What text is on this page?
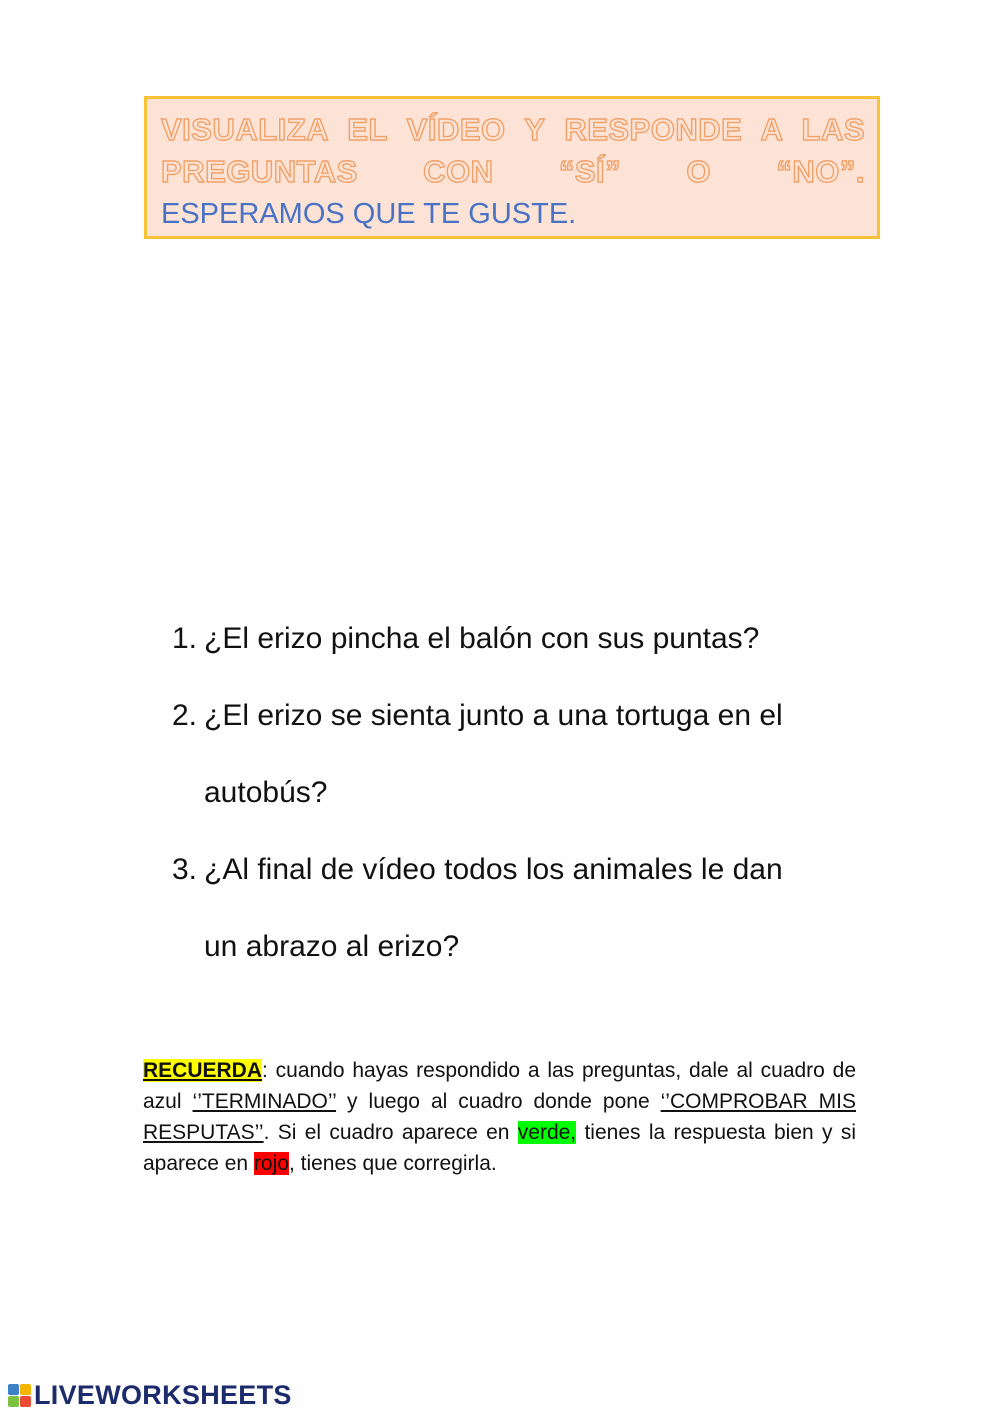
VISUALIZA EL VÍDEO Y RESPONDE A LAS
PREGUNTAS CON “SÍ” O “NO”.
ESPERAMOS QUE TE GUSTE.
1. ¿El erizo pincha el balón con sus puntas?
2. ¿El erizo se sienta junto a una tortuga en el
autobús?
3. ¿Al final de vídeo todos los animales le dan
un abrazo al erizo?
RECUERDA: cuando hayas respondido a las preguntas, dale al cuadro de azul ‘’TERMINADO’’ y luego al cuadro donde pone ‘’COMPROBAR MIS RESPUTAS’’. Si el cuadro aparece en verde, tienes la respuesta bien y si aparece en rojo, tienes que corregirla.
LIVEWORKSHEETS
